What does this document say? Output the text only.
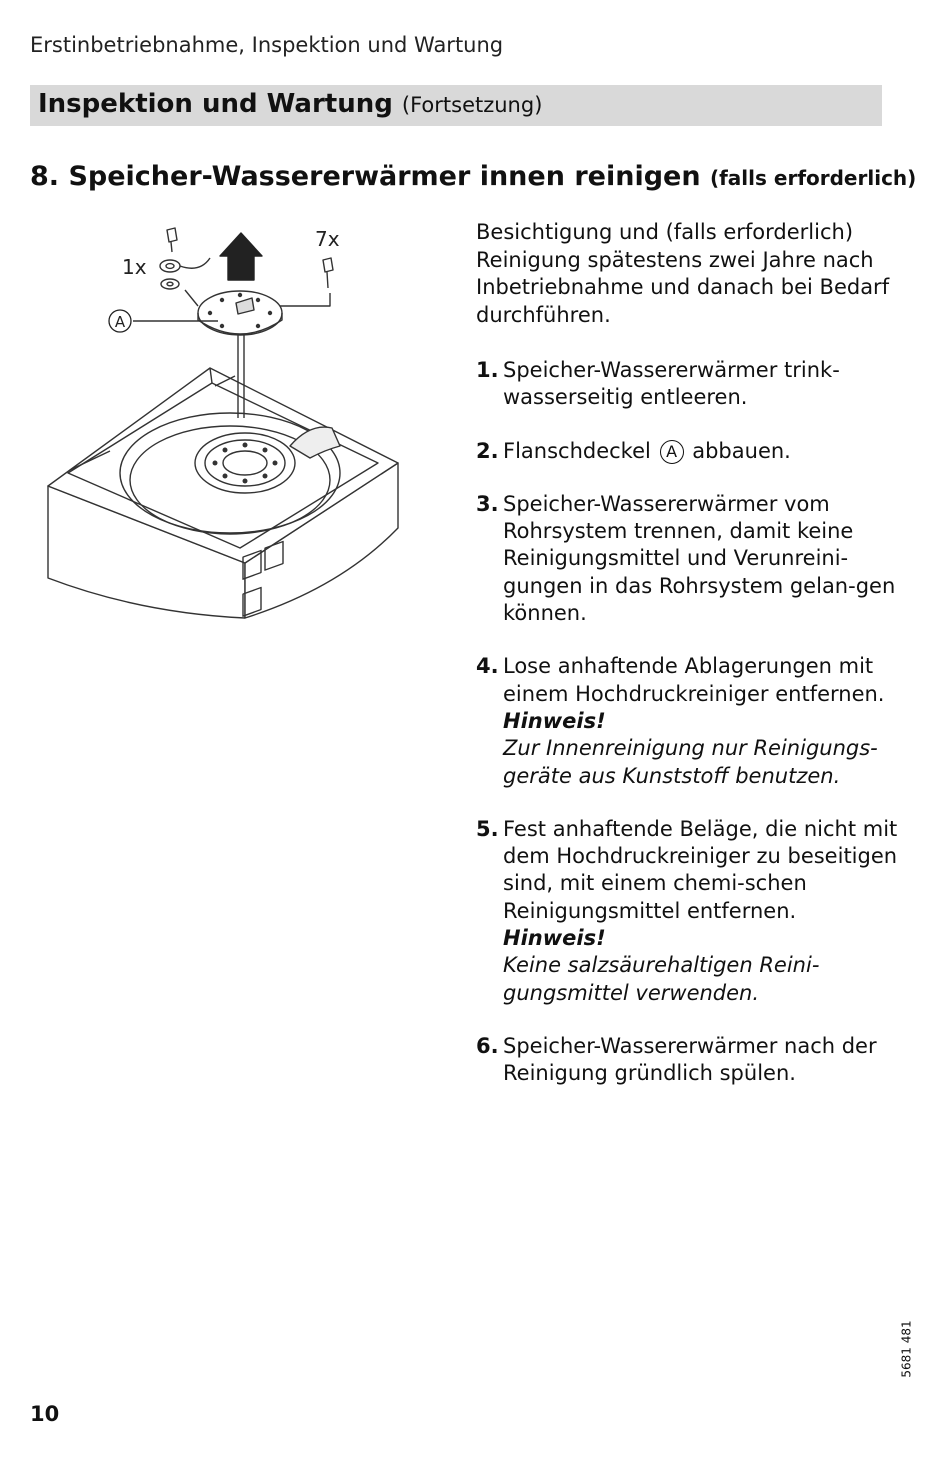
Erstinbetriebnahme, Inspektion und Wartung
Inspektion und Wartung (Fortsetzung)
8. Speicher-Wassererwärmer innen reinigen (falls erforderlich)
1x
7x
A

Besichtigung und (falls erforderlich) Reinigung spätestens zwei Jahre nach Inbetriebnahme und danach bei Bedarf durchführen.

1. Speicher-Wassererwärmer trink-wasserseitig entleeren.
2. Flanschdeckel A abbauen.
3. Speicher-Wassererwärmer vom Rohrsystem trennen, damit keine Reinigungsmittel und Verunreini-gungen in das Rohrsystem gelan-gen können.
4. Lose anhaftende Ablagerungen mit einem Hochdruckreiniger entfernen.
Hinweis!
Zur Innenreinigung nur Reinigungs-geräte aus Kunststoff benutzen.
5. Fest anhaftende Beläge, die nicht mit dem Hochdruckreiniger zu beseitigen sind, mit einem chemi-schen Reinigungsmittel entfernen.
Hinweis!
Keine salzsäurehaltigen Reini-gungsmittel verwenden.
6. Speicher-Wassererwärmer nach der Reinigung gründlich spülen.
10
5681 481
